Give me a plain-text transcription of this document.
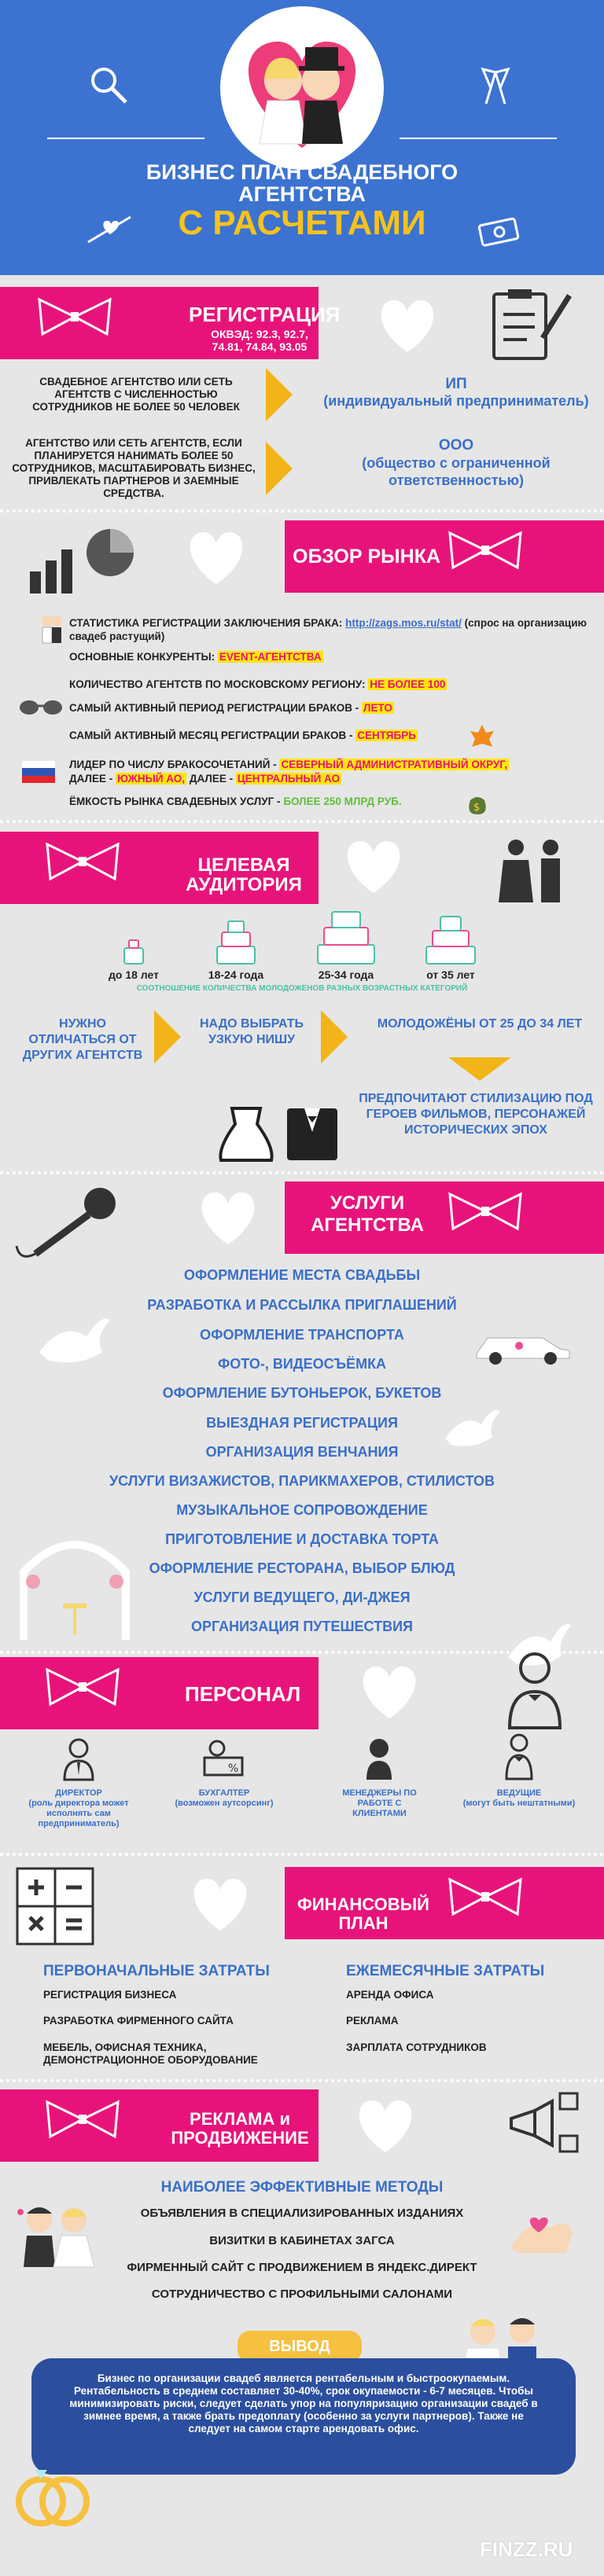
БИЗНЕС ПЛАН СВАДЕБНОГО
АГЕНТСТВА
С РАСЧЕТАМИ
РЕГИСТРАЦИЯ
ОКВЭД: 92.3, 92.7, 74.81, 74.84, 93.05
СВАДЕБНОЕ АГЕНТСТВО ИЛИ СЕТЬ АГЕНТСТВ С ЧИСЛЕННОСТЬЮ СОТРУДНИКОВ НЕ БОЛЕЕ 50 ЧЕЛОВЕК
ИП
(индивидуальный предприниматель)
АГЕНТСТВО ИЛИ СЕТЬ АГЕНТСТВ, ЕСЛИ ПЛАНИРУЕТСЯ НАНИМАТЬ БОЛЕЕ 50 СОТРУДНИКОВ, МАСШТАБИРОВАТЬ БИЗНЕС, ПРИВЛЕКАТЬ ПАРТНЕРОВ И ЗАЕМНЫЕ СРЕДСТВА.
ООО
(общество с ограниченной ответственностью)
ОБЗОР РЫНКА
СТАТИСТИКА РЕГИСТРАЦИИ ЗАКЛЮЧЕНИЯ БРАКА: http://zags.mos.ru/stat/ (спрос на организацию свадеб растущий)
ОСНОВНЫЕ КОНКУРЕНТЫ: EVENT-АГЕНТСТВА
КОЛИЧЕСТВО АГЕНТСТВ ПО МОСКОВСКОМУ РЕГИОНУ: НЕ БОЛЕЕ 100
САМЫЙ АКТИВНЫЙ ПЕРИОД РЕГИСТРАЦИИ БРАКОВ - ЛЕТО
САМЫЙ АКТИВНЫЙ МЕСЯЦ РЕГИСТРАЦИИ БРАКОВ - СЕНТЯБРЬ
ЛИДЕР ПО ЧИСЛУ БРАКОСОЧЕТАНИЙ - СЕВЕРНЫЙ АДМИНИСТРАТИВНЫЙ ОКРУГ,
ДАЛЕЕ - ЮЖНЫЙ АО, ДАЛЕЕ - ЦЕНТРАЛЬНЫЙ АО
ЁМКОСТЬ РЫНКА СВАДЕБНЫХ УСЛУГ - БОЛЕЕ 250 МЛРД РУБ.
$
ЦЕЛЕВАЯ
АУДИТОРИЯ
до 18 лет	18-24 года	25-34 года	от 35 лет
СООТНОШЕНИЕ КОЛИЧЕСТВА МОЛОДОЖЕНОВ РАЗНЫХ ВОЗРАСТНЫХ КАТЕГОРИЙ
НУЖНО ОТЛИЧАТЬСЯ ОТ ДРУГИХ АГЕНТСТВ
НАДО ВЫБРАТЬ УЗКУЮ НИШУ
МОЛОДОЖЁНЫ ОТ 25 ДО 34 ЛЕТ
ПРЕДПОЧИТАЮТ СТИЛИЗАЦИЮ ПОД ГЕРОЕВ ФИЛЬМОВ, ПЕРСОНАЖЕЙ ИСТОРИЧЕСКИХ ЭПОХ
УСЛУГИ
АГЕНТСТВА
ОФОРМЛЕНИЕ МЕСТА СВАДЬБЫ
РАЗРАБОТКА И РАССЫЛКА ПРИГЛАШЕНИЙ
ОФОРМЛЕНИЕ ТРАНСПОРТА
ФОТО-, ВИДЕОСЪЁМКА
ОФОРМЛЕНИЕ БУТОНЬЕРОК, БУКЕТОВ
ВЫЕЗДНАЯ РЕГИСТРАЦИЯ
ОРГАНИЗАЦИЯ ВЕНЧАНИЯ
УСЛУГИ ВИЗАЖИСТОВ, ПАРИКМАХЕРОВ, СТИЛИСТОВ
МУЗЫКАЛЬНОЕ СОПРОВОЖДЕНИЕ
ПРИГОТОВЛЕНИЕ И ДОСТАВКА ТОРТА
ОФОРМЛЕНИЕ РЕСТОРАНА, ВЫБОР БЛЮД
УСЛУГИ ВЕДУЩЕГО, ДИ-ДЖЕЯ
ОРГАНИЗАЦИЯ ПУТЕШЕСТВИЯ
ПЕРСОНАЛ
%
ДИРЕКТОР
(роль директора может исполнять сам предприниматель)
БУХГАЛТЕР
(возможен аутсорсинг)
МЕНЕДЖЕРЫ ПО РАБОТЕ С КЛИЕНТАМИ
ВЕДУЩИЕ
(могут быть нештатными)
ФИНАНСОВЫЙ
ПЛАН
ПЕРВОНАЧАЛЬНЫЕ ЗАТРАТЫ
РЕГИСТРАЦИЯ БИЗНЕСА
РАЗРАБОТКА ФИРМЕННОГО САЙТА
МЕБЕЛЬ, ОФИСНАЯ ТЕХНИКА, ДЕМОНСТРАЦИОННОЕ ОБОРУДОВАНИЕ
ЕЖЕМЕСЯЧНЫЕ ЗАТРАТЫ
АРЕНДА ОФИСА
РЕКЛАМА
ЗАРПЛАТА СОТРУДНИКОВ
РЕКЛАМА и
ПРОДВИЖЕНИЕ
НАИБОЛЕЕ ЭФФЕКТИВНЫЕ МЕТОДЫ
ОБЪЯВЛЕНИЯ В СПЕЦИАЛИЗИРОВАННЫХ ИЗДАНИЯХ
ВИЗИТКИ В КАБИНЕТАХ ЗАГСА
ФИРМЕННЫЙ САЙТ С ПРОДВИЖЕНИЕМ В ЯНДЕКС.ДИРЕКТ
СОТРУДНИЧЕСТВО С ПРОФИЛЬНЫМИ САЛОНАМИ
ВЫВОД
Бизнес по организации свадеб является рентабельным и быстроокупаемым. Рентабельность в среднем составляет 30-40%, срок окупаемости - 6-7 месяцев. Чтобы минимизировать риски, следует сделать упор на популяризацию организации свадеб в зимнее время, а также брать предоплату (особенно за услуги партнеров). Также не следует на самом старте арендовать офис.
FINZZ.RU
